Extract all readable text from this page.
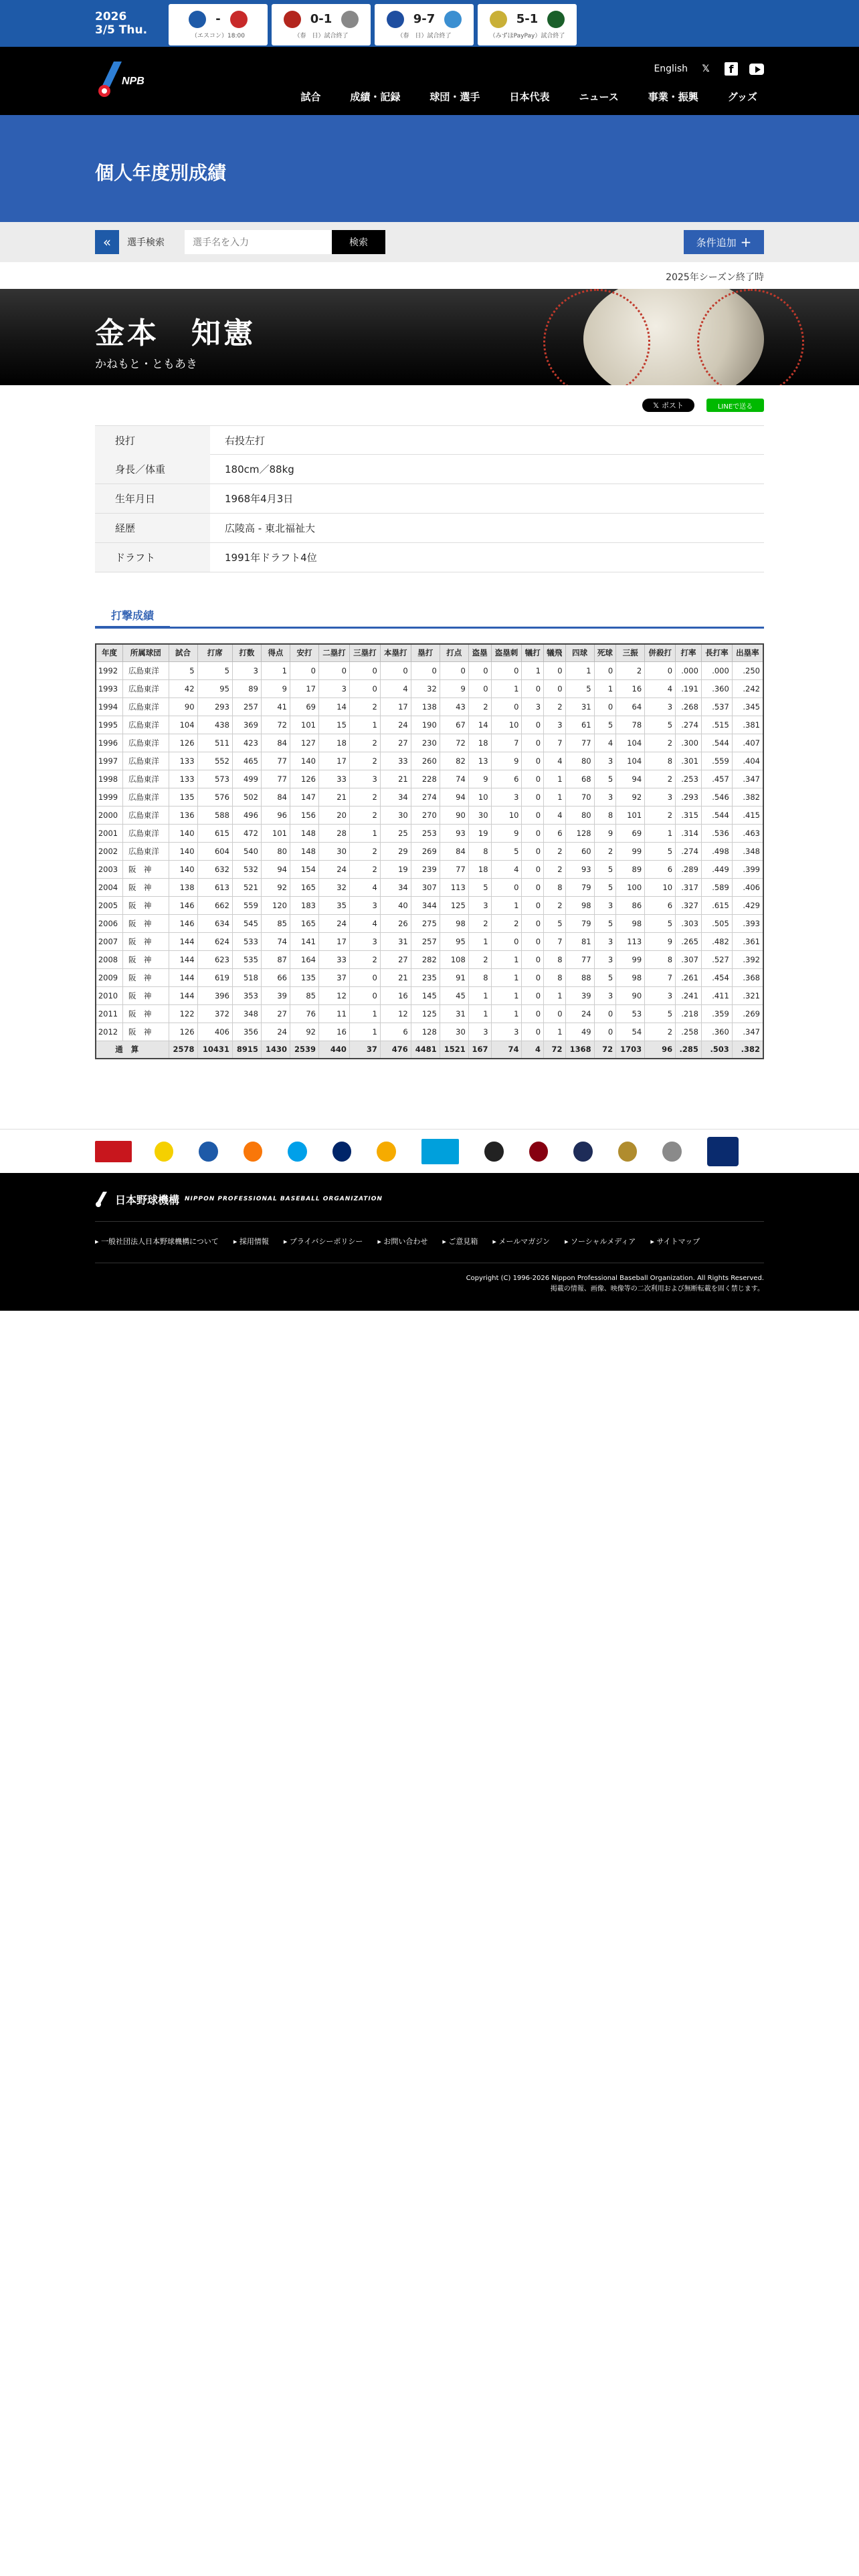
2026
3/5 Thu.
-
（エスコン）18:00
0-1
（春　日）試合終了
9-7
（春　日）試合終了
5-1
（みずほPayPay）試合終了
NPB
English	𝕏	f
試合	成績・記録	球団・選手	日本代表	ニュース	事業・振興	グッズ
個人年度別成績
«	選手検索
選手名を入力	検索	条件追加 +
2025年シーズン終了時
金本　知憲
かねもと・ともあき
𝕏 ポスト	LINEで送る
投打	右投左打
身長／体重	180cm／88kg
生年月日	1968年4月3日
経歴	広陵高 - 東北福祉大
ドラフト	1991年ドラフト4位
打撃成績
年度	所属球団	試合	打席	打数	得点	安打	二塁打	三塁打	本塁打	塁打	打点	盗塁	盗塁刺	犠打	犠飛	四球	死球	三振	併殺打	打率	長打率	出塁率
1992	広島東洋	5	5	3	1	0	0	0	0	0	0	0	0	1	0	1	0	2	0	.000	.000	.250
1993	広島東洋	42	95	89	9	17	3	0	4	32	9	0	1	0	0	5	1	16	4	.191	.360	.242
1994	広島東洋	90	293	257	41	69	14	2	17	138	43	2	0	3	2	31	0	64	3	.268	.537	.345
1995	広島東洋	104	438	369	72	101	15	1	24	190	67	14	10	0	3	61	5	78	5	.274	.515	.381
1996	広島東洋	126	511	423	84	127	18	2	27	230	72	18	7	0	7	77	4	104	2	.300	.544	.407
1997	広島東洋	133	552	465	77	140	17	2	33	260	82	13	9	0	4	80	3	104	8	.301	.559	.404
1998	広島東洋	133	573	499	77	126	33	3	21	228	74	9	6	0	1	68	5	94	2	.253	.457	.347
1999	広島東洋	135	576	502	84	147	21	2	34	274	94	10	3	0	1	70	3	92	3	.293	.546	.382
2000	広島東洋	136	588	496	96	156	20	2	30	270	90	30	10	0	4	80	8	101	2	.315	.544	.415
2001	広島東洋	140	615	472	101	148	28	1	25	253	93	19	9	0	6	128	9	69	1	.314	.536	.463
2002	広島東洋	140	604	540	80	148	30	2	29	269	84	8	5	0	2	60	2	99	5	.274	.498	.348
2003	阪　神	140	632	532	94	154	24	2	19	239	77	18	4	0	2	93	5	89	6	.289	.449	.399
2004	阪　神	138	613	521	92	165	32	4	34	307	113	5	0	0	8	79	5	100	10	.317	.589	.406
2005	阪　神	146	662	559	120	183	35	3	40	344	125	3	1	0	2	98	3	86	6	.327	.615	.429
2006	阪　神	146	634	545	85	165	24	4	26	275	98	2	2	0	5	79	5	98	5	.303	.505	.393
2007	阪　神	144	624	533	74	141	17	3	31	257	95	1	0	0	7	81	3	113	9	.265	.482	.361
2008	阪　神	144	623	535	87	164	33	2	27	282	108	2	1	0	8	77	3	99	8	.307	.527	.392
2009	阪　神	144	619	518	66	135	37	0	21	235	91	8	1	0	8	88	5	98	7	.261	.454	.368
2010	阪　神	144	396	353	39	85	12	0	16	145	45	1	1	0	1	39	3	90	3	.241	.411	.321
2011	阪　神	122	372	348	27	76	11	1	12	125	31	1	1	0	0	24	0	53	5	.218	.359	.269
2012	阪　神	126	406	356	24	92	16	1	6	128	30	3	3	0	1	49	0	54	2	.258	.360	.347
通算		2578	10431	8915	1430	2539	440	37	476	4481	1521	167	74	4	72	1368	72	1703	96	.285	.503	.382
日本野球機構 NIPPON PROFESSIONAL BASEBALL ORGANIZATION
▸ 一般社団法人日本野球機構について ▸ 採用情報 ▸ プライバシーポリシー ▸ お問い合わせ ▸ ご意見箱 ▸ メールマガジン ▸ ソーシャルメディア ▸ サイトマップ
Copyright (C) 1996-2026 Nippon Professional Baseball Organization. All Rights Reserved.
掲載の情報、画像、映像等の二次利用および無断転載を固く禁じます。
